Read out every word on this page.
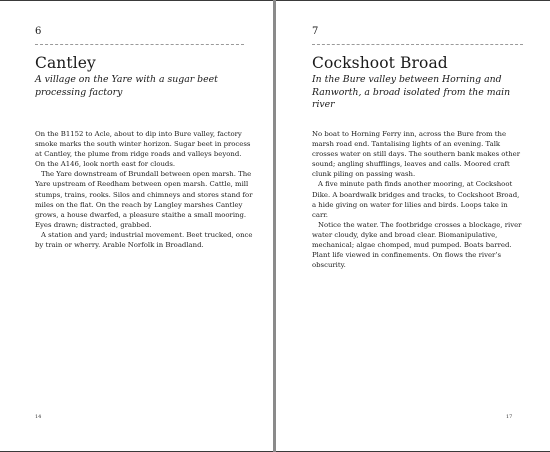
6
Cantley
A village on the Yare with a sugar beet processing factory

On the B1152 to Acle, about to dip into Bure valley, factory smoke marks the south winter horizon. Sugar beet in process at Cantley, the plume from ridge roads and valleys beyond. On the A146, look north east for clouds.

The Yare downstream of Brundall between open marsh. The Yare upstream of Reedham between open marsh. Cattle, mill stumps, trains, rooks. Silos and chimneys and stores stand for miles on the flat. On the reach by Langley marshes Cantley grows, a house dwarfed, a pleasure staithe a small mooring. Eyes drawn; distracted, grabbed.

A station and yard; industrial movement. Beet trucked, once by train or wherry. Arable Norfolk in Broadland.

14
7
Cockshoot Broad
In the Bure valley between Horning and Ranworth, a broad isolated from the main river

No boat to Horning Ferry inn, across the Bure from the marsh road end. Tantalising lights of an evening. Talk crosses water on still days. The southern bank makes other sound; angling shufflings, leaves and calls. Moored craft clunk piling on passing wash.

A five minute path finds another mooring, at Cockshoot Dike. A boardwalk bridges and tracks, to Cockshoot Broad, a hide giving on water for lilies and birds. Loops take in carr.

Notice the water. The footbridge crosses a blockage, river water cloudy, dyke and broad clear. Biomanipulative, mechanical; algae chomped, mud pumped. Boats barred. Plant life viewed in confinements. On flows the river’s obscurity.

17
